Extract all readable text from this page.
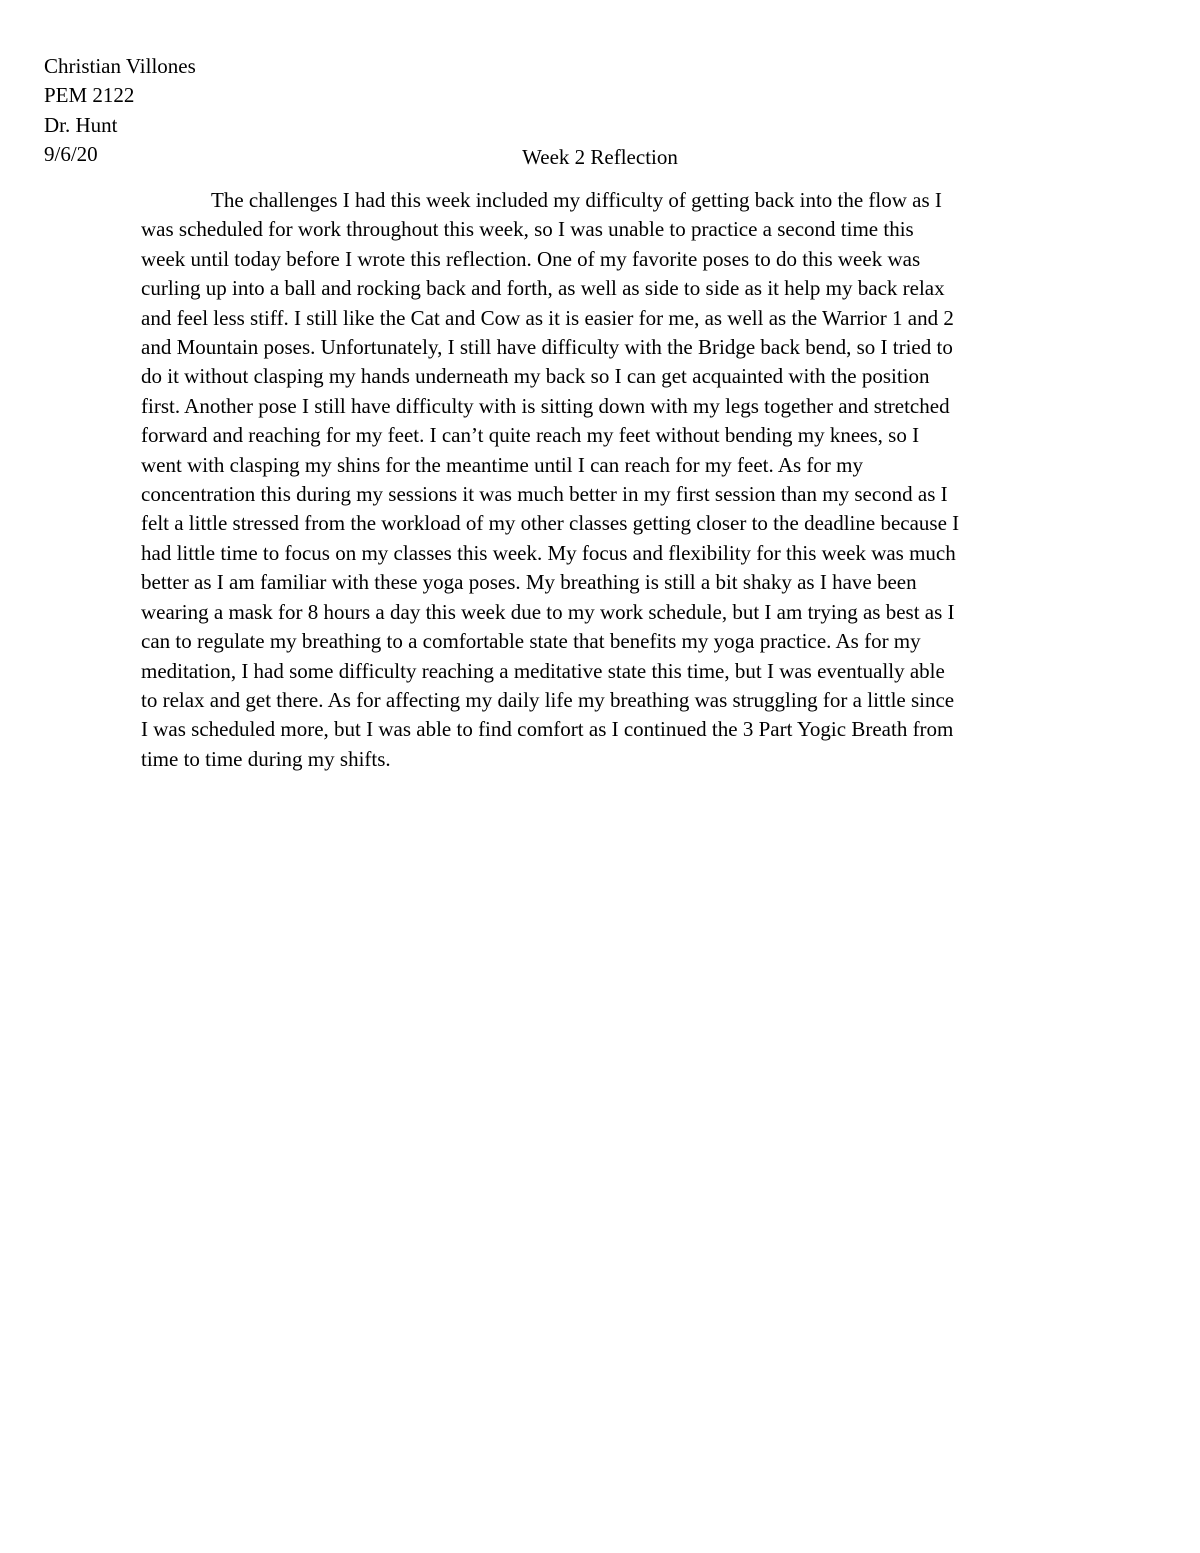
Christian Villones
PEM 2122
Dr. Hunt
9/6/20	Week 2 Reflection
The challenges I had this week included my difficulty of getting back into the flow as I
was scheduled for work throughout this week, so I was unable to practice a second time this
week until today before I wrote this reflection. One of my favorite poses to do this week was
curling up into a ball and rocking back and forth, as well as side to side as it help my back relax
and feel less stiff. I still like the Cat and Cow as it is easier for me, as well as the Warrior 1 and 2
and Mountain poses. Unfortunately, I still have difficulty with the Bridge back bend, so I tried to
do it without clasping my hands underneath my back so I can get acquainted with the position
first. Another pose I still have difficulty with is sitting down with my legs together and stretched
forward and reaching for my feet. I can’t quite reach my feet without bending my knees, so I
went with clasping my shins for the meantime until I can reach for my feet. As for my
concentration this during my sessions it was much better in my first session than my second as I
felt a little stressed from the workload of my other classes getting closer to the deadline because I
had little time to focus on my classes this week. My focus and flexibility for this week was much
better as I am familiar with these yoga poses. My breathing is still a bit shaky as I have been
wearing a mask for 8 hours a day this week due to my work schedule, but I am trying as best as I
can to regulate my breathing to a comfortable state that benefits my yoga practice. As for my
meditation, I had some difficulty reaching a meditative state this time, but I was eventually able
to relax and get there. As for affecting my daily life my breathing was struggling for a little since
I was scheduled more, but I was able to find comfort as I continued the 3 Part Yogic Breath from
time to time during my shifts.
